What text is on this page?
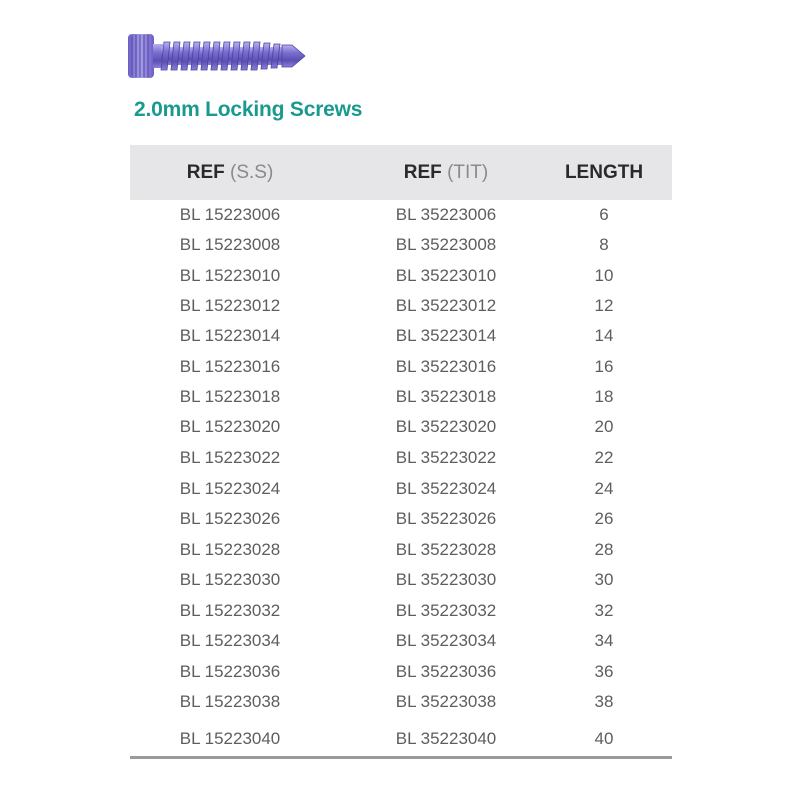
2.0mm Locking Screws
REF (S.S)	REF (TIT)	LENGTH
BL 15223006	BL 35223006	6
BL 15223008	BL 35223008	8
BL 15223010	BL 35223010	10
BL 15223012	BL 35223012	12
BL 15223014	BL 35223014	14
BL 15223016	BL 35223016	16
BL 15223018	BL 35223018	18
BL 15223020	BL 35223020	20
BL 15223022	BL 35223022	22
BL 15223024	BL 35223024	24
BL 15223026	BL 35223026	26
BL 15223028	BL 35223028	28
BL 15223030	BL 35223030	30
BL 15223032	BL 35223032	32
BL 15223034	BL 35223034	34
BL 15223036	BL 35223036	36
BL 15223038	BL 35223038	38
BL 15223040	BL 35223040	40
